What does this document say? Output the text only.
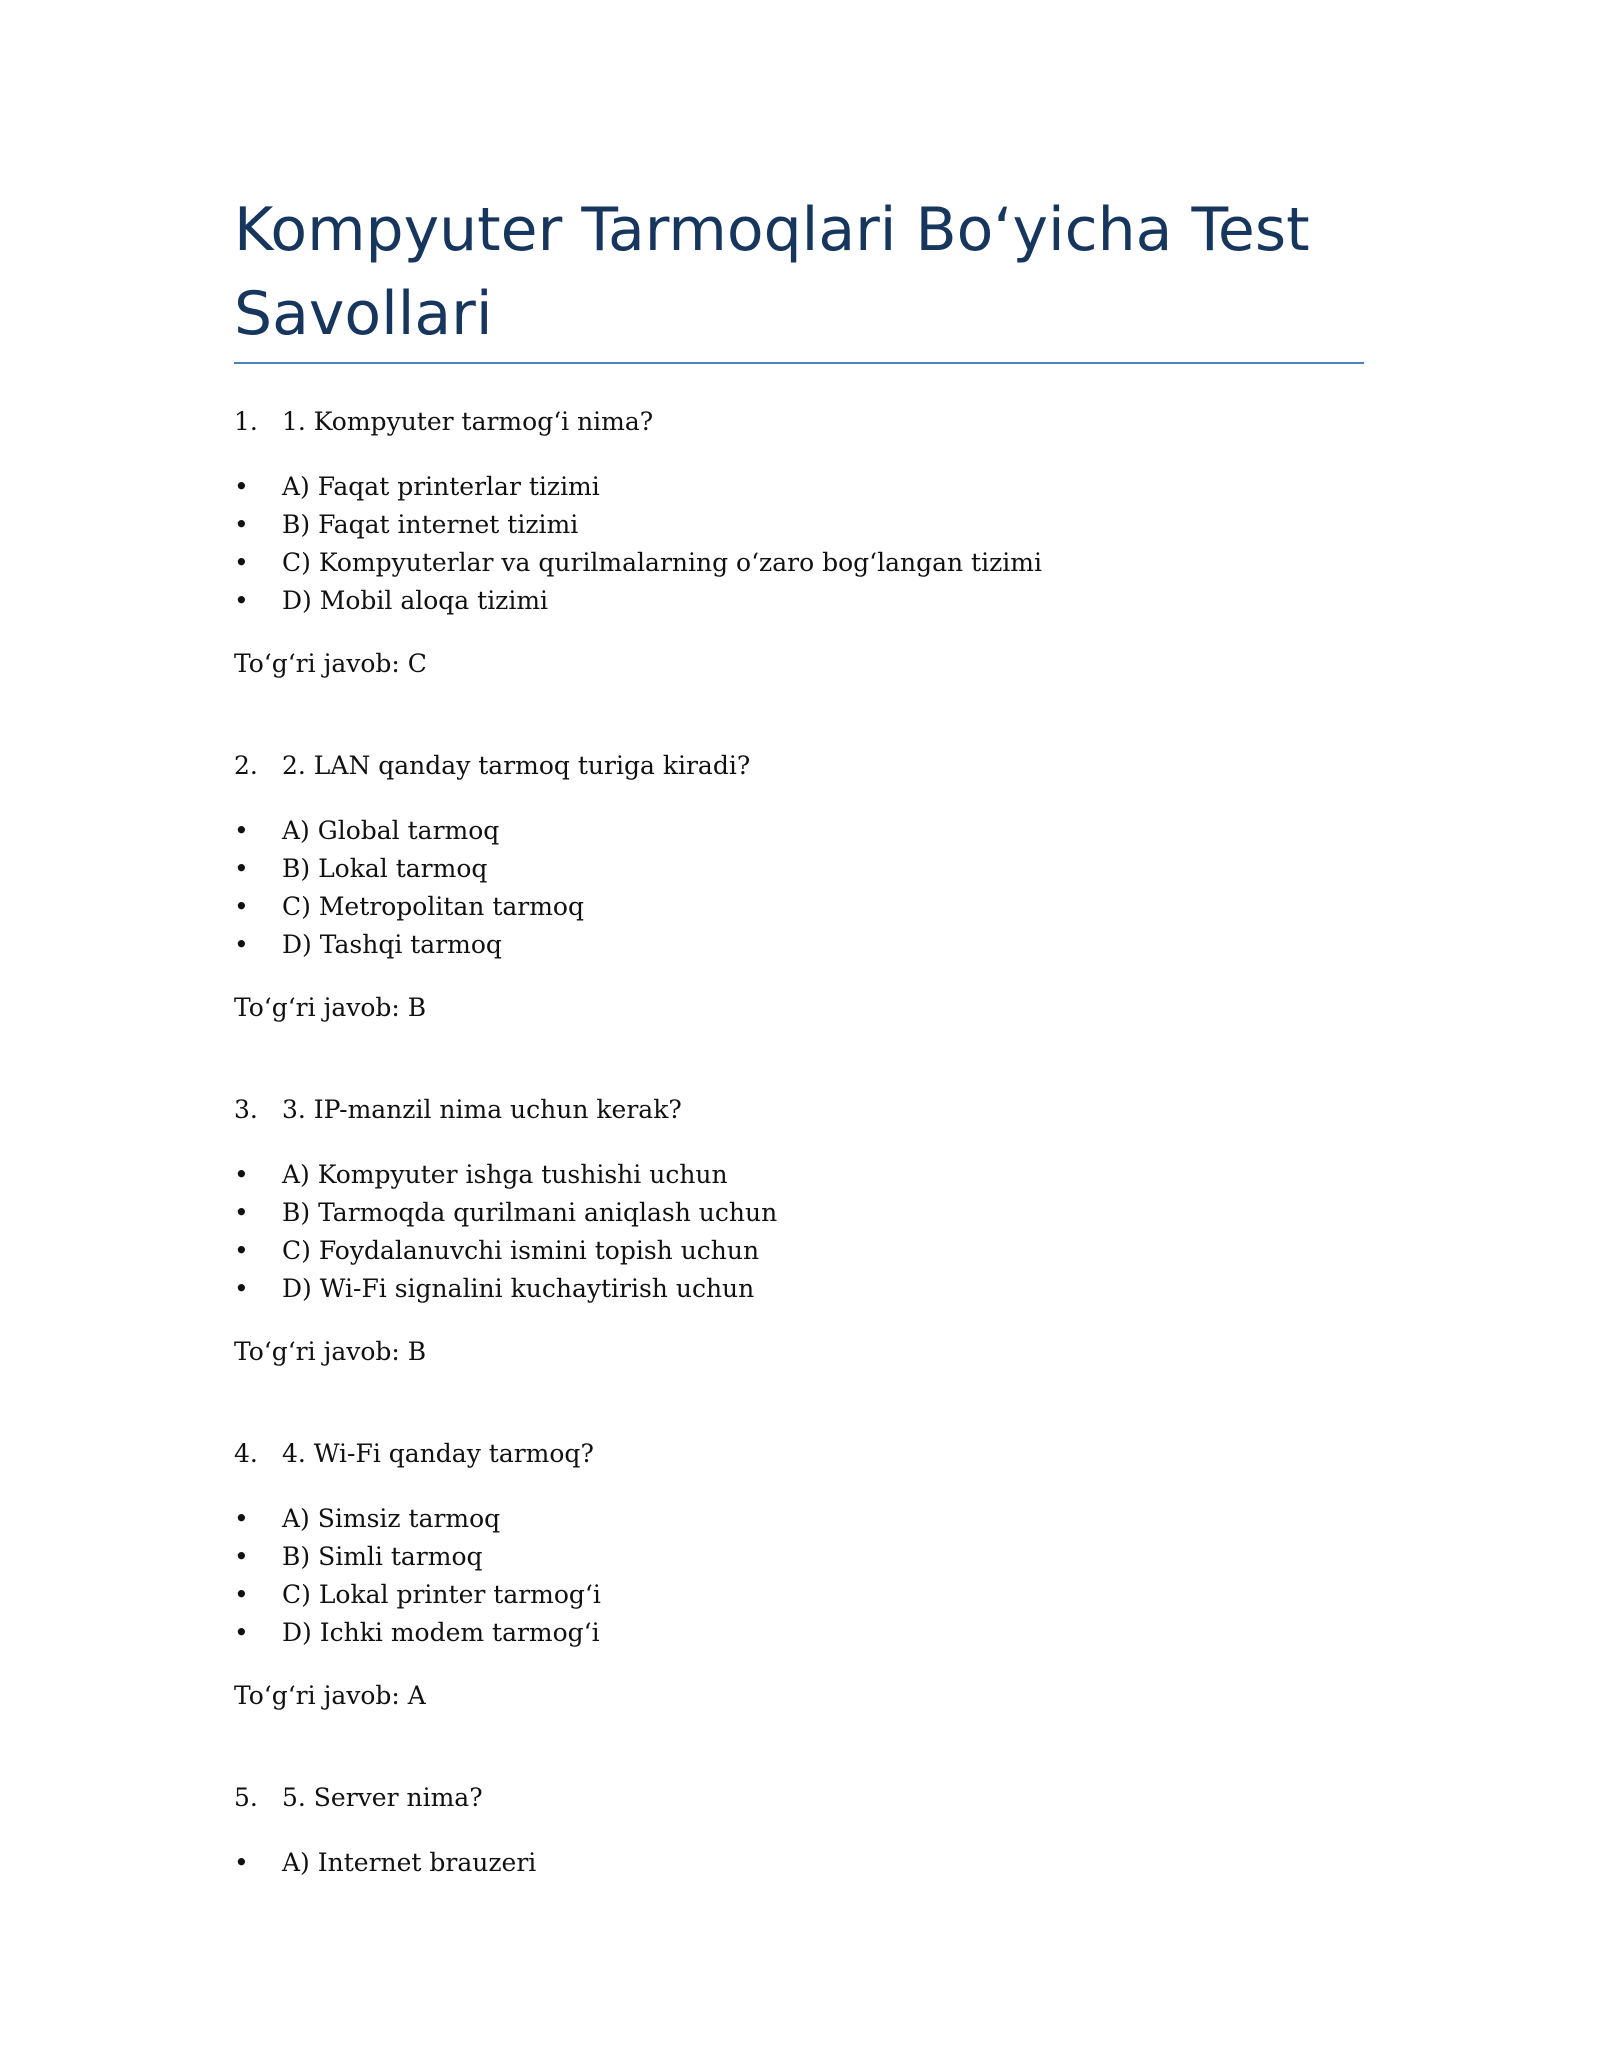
Kompyuter Tarmoqlari Bo‘yicha Test Savollari
1. 1. Kompyuter tarmog‘i nima?
• A) Faqat printerlar tizimi
• B) Faqat internet tizimi
• C) Kompyuterlar va qurilmalarning o‘zaro bog‘langan tizimi
• D) Mobil aloqa tizimi
To‘g‘ri javob: C
2. 2. LAN qanday tarmoq turiga kiradi?
• A) Global tarmoq
• B) Lokal tarmoq
• C) Metropolitan tarmoq
• D) Tashqi tarmoq
To‘g‘ri javob: B
3. 3. IP-manzil nima uchun kerak?
• A) Kompyuter ishga tushishi uchun
• B) Tarmoqda qurilmani aniqlash uchun
• C) Foydalanuvchi ismini topish uchun
• D) Wi-Fi signalini kuchaytirish uchun
To‘g‘ri javob: B
4. 4. Wi-Fi qanday tarmoq?
• A) Simsiz tarmoq
• B) Simli tarmoq
• C) Lokal printer tarmog‘i
• D) Ichki modem tarmog‘i
To‘g‘ri javob: A
5. 5. Server nima?
• A) Internet brauzeri
